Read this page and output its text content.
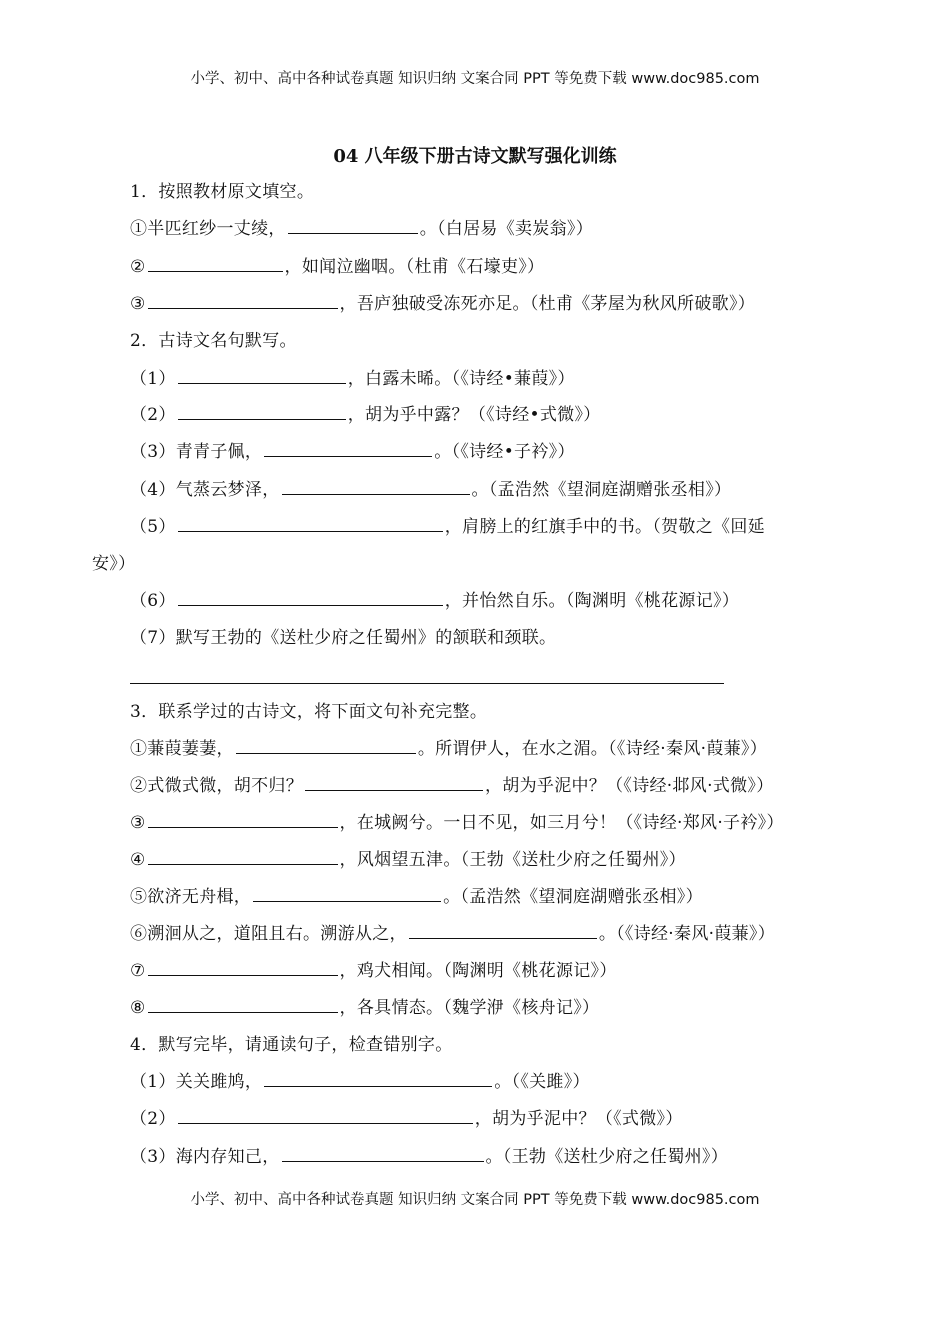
小学、初中、高中各种试卷真题 知识归纳 文案合同 PPT 等免费下载 www.doc985.com
04 八年级下册古诗文默写强化训练
1．按照教材原文填空。
①半匹红纱一丈绫，	。（白居易《卖炭翁》）
②	，如闻泣幽咽。（杜甫《石壕吏》）
③	，吾庐独破受冻死亦足。（杜甫《茅屋为秋风所破歌》）
2．古诗文名句默写。
（1）	，白露未晞。（《诗经•蒹葭》）
（2）	，胡为乎中露？（《诗经•式微》）
（3）青青子佩，	。（《诗经•子衿》）
（4）气蒸云梦泽，	。（孟浩然《望洞庭湖赠张丞相》）
（5）	，肩膀上的红旗手中的书。（贺敬之《回延
安》）
（6）	，并怡然自乐。（陶渊明《桃花源记》）
（7）默写王勃的《送杜少府之任蜀州》的颔联和颈联。
3．联系学过的古诗文，将下面文句补充完整。
①蒹葭萋萋，	。所谓伊人，在水之湄。（《诗经·秦风·葭蒹》）
②式微式微，胡不归？	，胡为乎泥中？（《诗经·邶风·式微》）
③	，在城阙兮。一日不见，如三月兮！（《诗经·郑风·子衿》）
④	，风烟望五津。（王勃《送杜少府之任蜀州》）
⑤欲济无舟楫，	。（孟浩然《望洞庭湖赠张丞相》）
⑥溯洄从之，道阻且右。溯游从之，	。（《诗经·秦风·葭蒹》）
⑦	，鸡犬相闻。（陶渊明《桃花源记》）
⑧	，各具情态。（魏学洢《核舟记》）
4．默写完毕，请通读句子，检查错别字。
（1）关关雎鸠，	。（《关雎》）
（2）	，胡为乎泥中？（《式微》）
（3）海内存知己，	。（王勃《送杜少府之任蜀州》）
小学、初中、高中各种试卷真题 知识归纳 文案合同 PPT 等免费下载 www.doc985.com
